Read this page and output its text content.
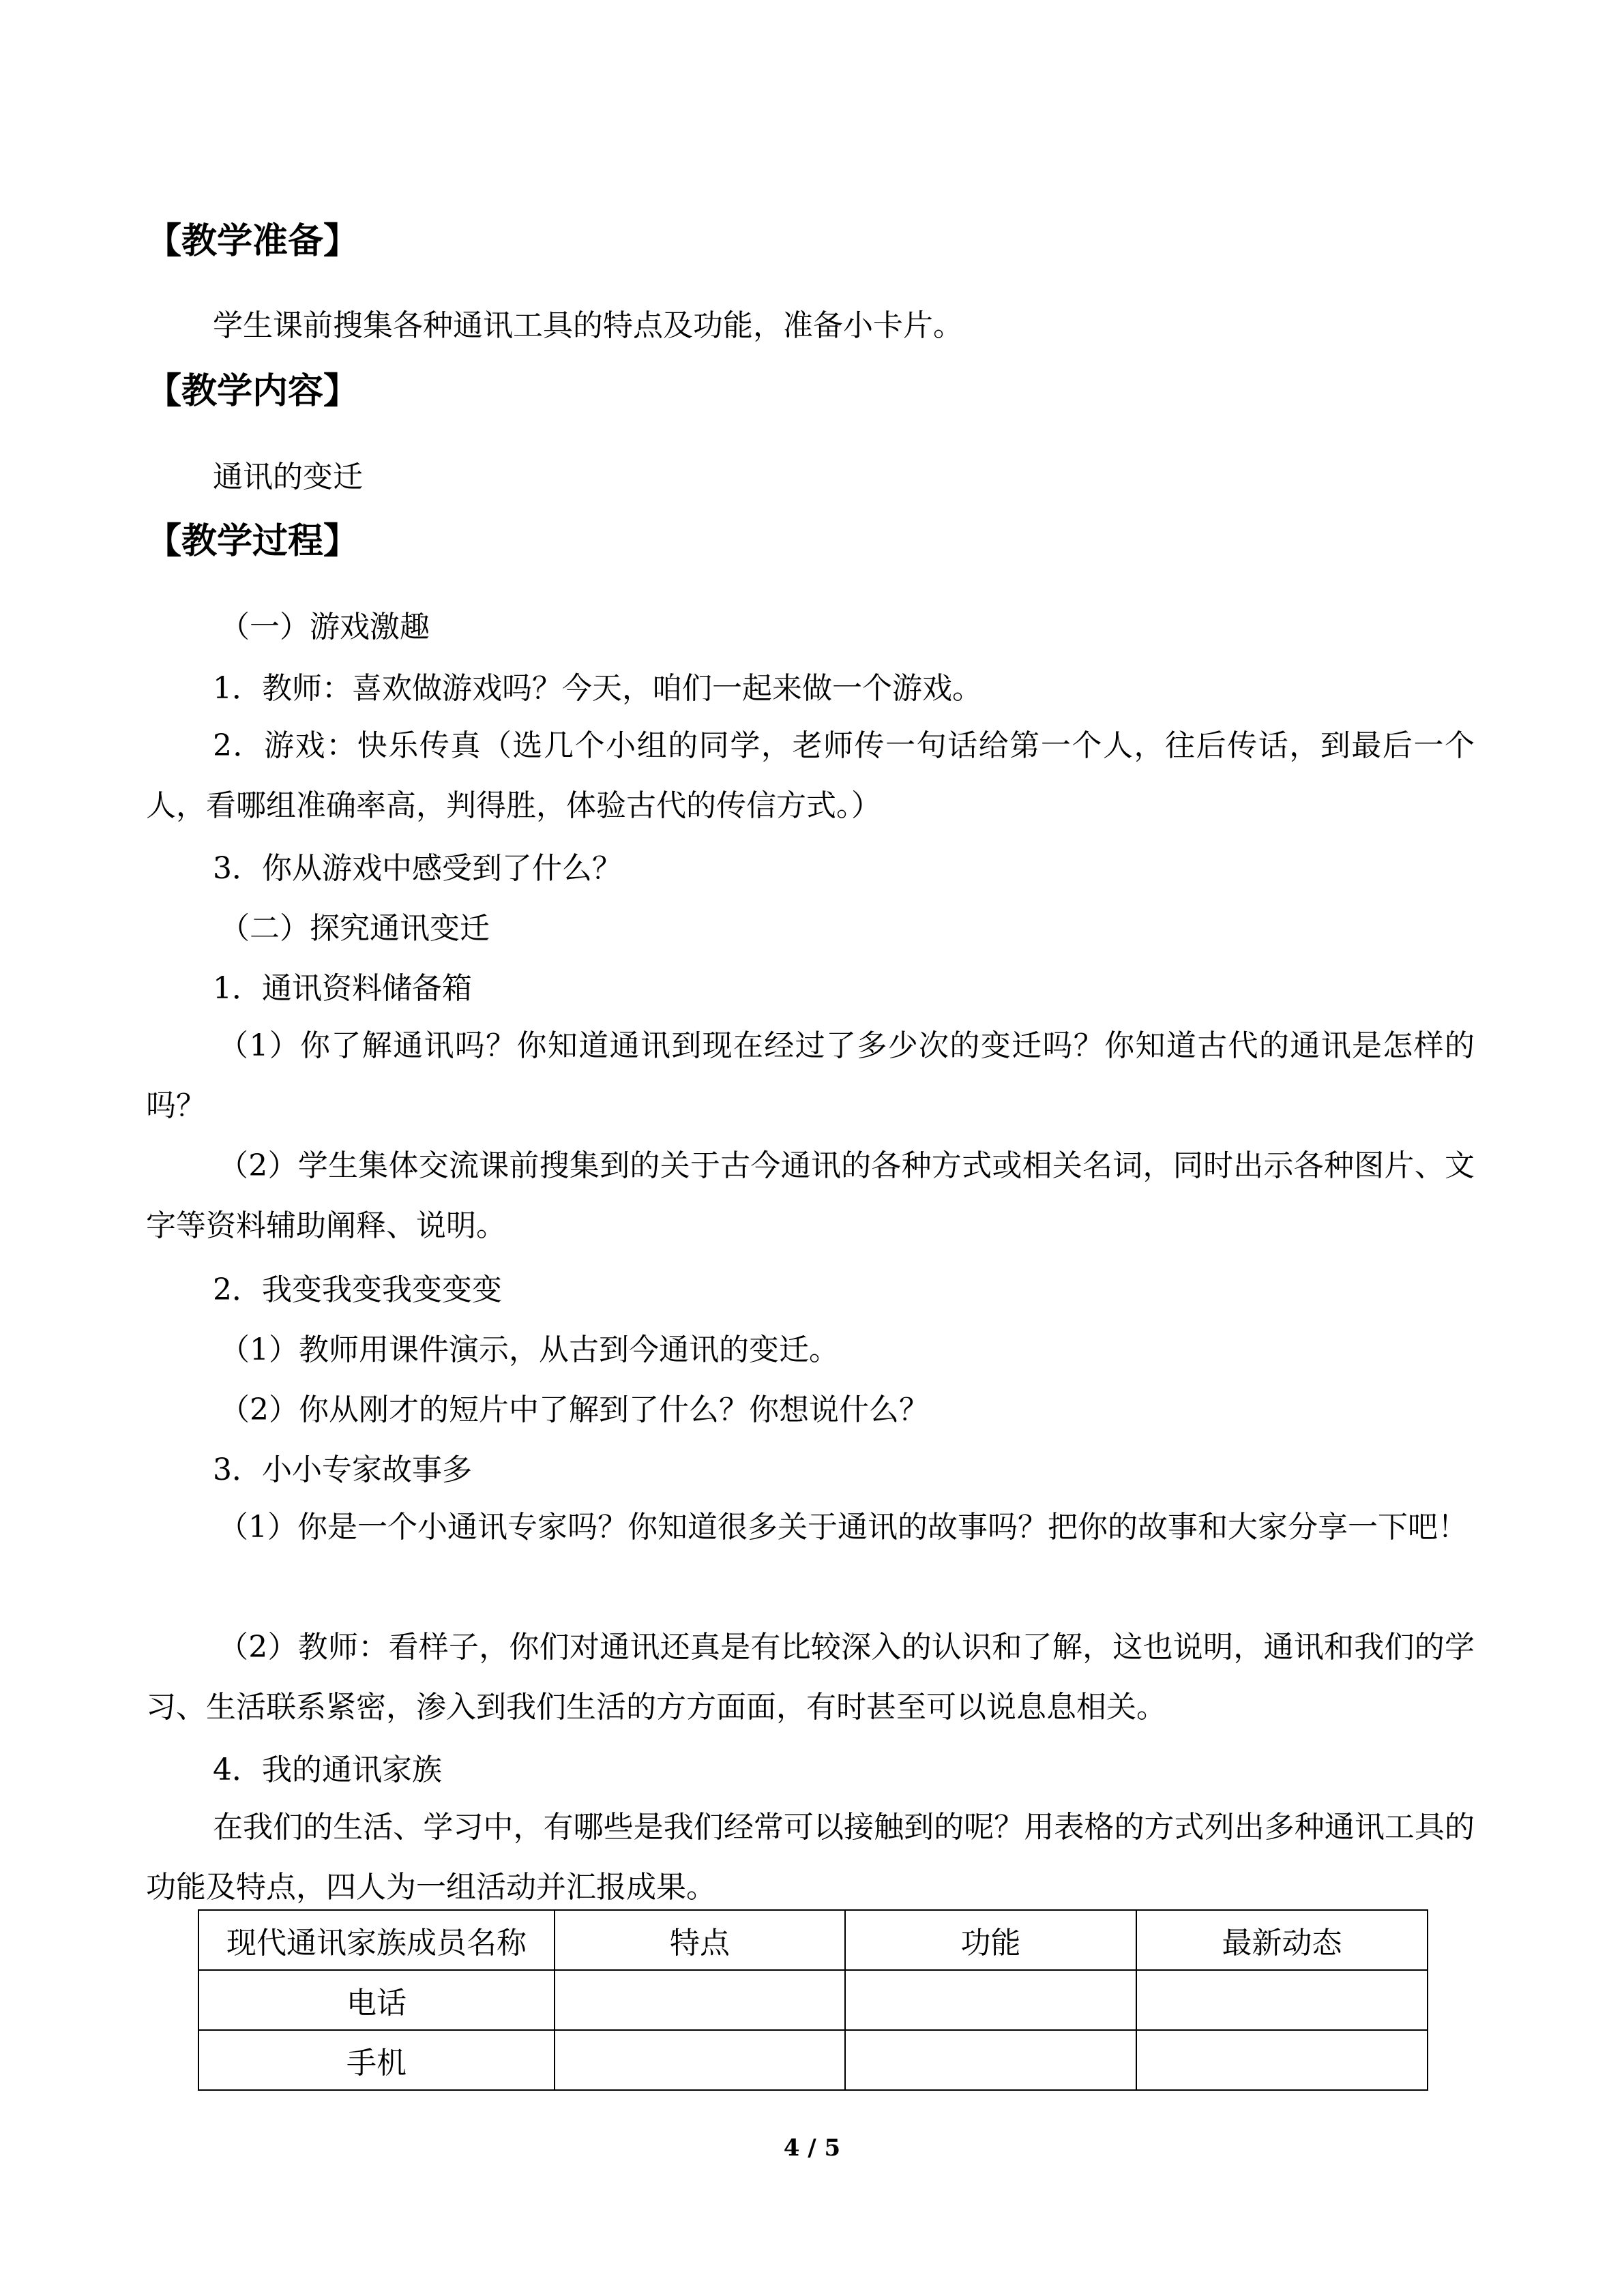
【教学准备】
学生课前搜集各种通讯工具的特点及功能，准备小卡片。
【教学内容】
通讯的变迁
【教学过程】
（一）游戏激趣
1．教师：喜欢做游戏吗？今天，咱们一起来做一个游戏。
2．游戏：快乐传真（选几个小组的同学，老师传一句话给第一个人，往后传话，到最后一个人，看哪组准确率高，判得胜，体验古代的传信方式。）
3．你从游戏中感受到了什么？
（二）探究通讯变迁
1．通讯资料储备箱
（1）你了解通讯吗？你知道通讯到现在经过了多少次的变迁吗？你知道古代的通讯是怎样的吗？
（2）学生集体交流课前搜集到的关于古今通讯的各种方式或相关名词，同时出示各种图片、文字等资料辅助阐释、说明。
2．我变我变我变变变
（1）教师用课件演示，从古到今通讯的变迁。
（2）你从刚才的短片中了解到了什么？你想说什么？
3．小小专家故事多
（1）你是一个小通讯专家吗？你知道很多关于通讯的故事吗？把你的故事和大家分享一下吧！
（2）教师：看样子，你们对通讯还真是有比较深入的认识和了解，这也说明，通讯和我们的学习、生活联系紧密，渗入到我们生活的方方面面，有时甚至可以说息息相关。
4．我的通讯家族
在我们的生活、学习中，有哪些是我们经常可以接触到的呢？用表格的方式列出多种通讯工具的功能及特点，四人为一组活动并汇报成果。
现代通讯家族成员名称	特点	功能	最新动态
电话			
手机			
4 / 5
